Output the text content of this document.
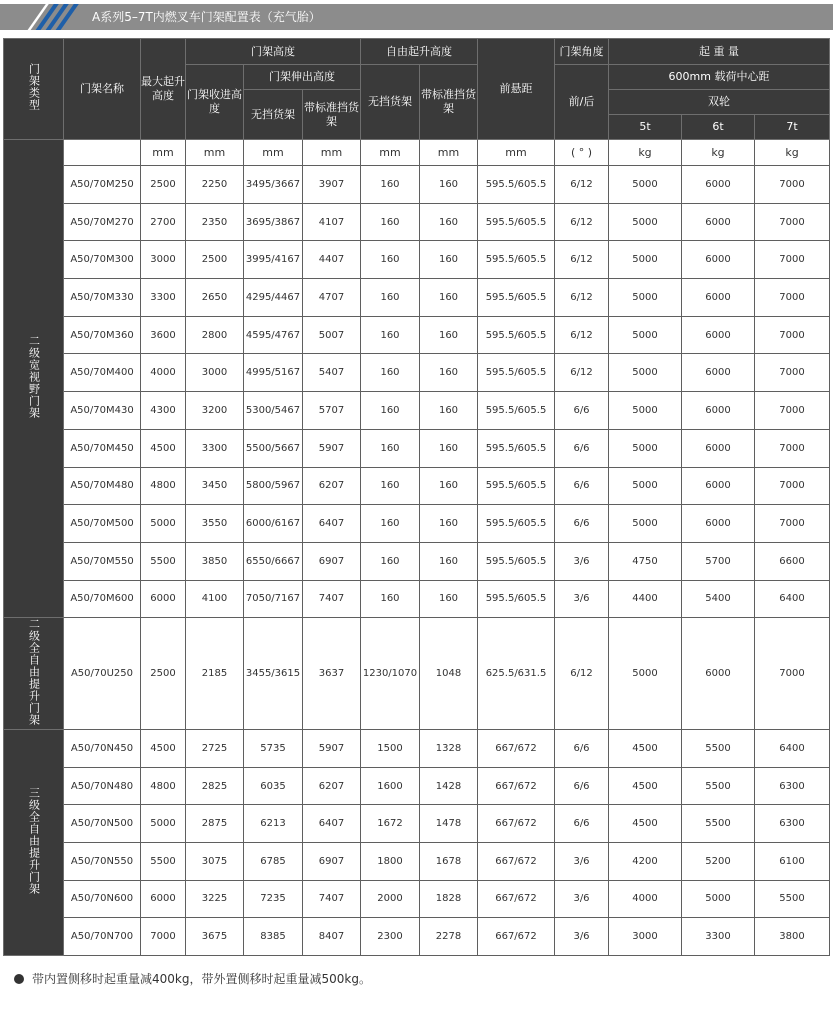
A系列5–7T内燃叉车门架配置表（充气胎）
门架类型	门架名称	最大起升高度	门架高度			自由起升高度		前悬距	门架角度	起 重 量		
			门架收进高度	门架伸出高度		无挡货架	带标准挡货架		前/后	600mm 载荷中心距		
				无挡货架	带标准挡货架					双轮		
										5t	6t	7t
二级宽视野门架		mm	mm	mm	mm	mm	mm	mm	( ° )	kg	kg	kg
	A50/70M250	2500	2250	3495/3667	3907	160	160	595.5/605.5	6/12	5000	6000	7000
	A50/70M270	2700	2350	3695/3867	4107	160	160	595.5/605.5	6/12	5000	6000	7000
	A50/70M300	3000	2500	3995/4167	4407	160	160	595.5/605.5	6/12	5000	6000	7000
	A50/70M330	3300	2650	4295/4467	4707	160	160	595.5/605.5	6/12	5000	6000	7000
	A50/70M360	3600	2800	4595/4767	5007	160	160	595.5/605.5	6/12	5000	6000	7000
	A50/70M400	4000	3000	4995/5167	5407	160	160	595.5/605.5	6/12	5000	6000	7000
	A50/70M430	4300	3200	5300/5467	5707	160	160	595.5/605.5	6/6	5000	6000	7000
	A50/70M450	4500	3300	5500/5667	5907	160	160	595.5/605.5	6/6	5000	6000	7000
	A50/70M480	4800	3450	5800/5967	6207	160	160	595.5/605.5	6/6	5000	6000	7000
	A50/70M500	5000	3550	6000/6167	6407	160	160	595.5/605.5	6/6	5000	6000	7000
	A50/70M550	5500	3850	6550/6667	6907	160	160	595.5/605.5	3/6	4750	5700	6600
	A50/70M600	6000	4100	7050/7167	7407	160	160	595.5/605.5	3/6	4400	5400	6400
二级全自由提升门架	A50/70U250	2500	2185	3455/3615	3637	1230/1070	1048	625.5/631.5	6/12	5000	6000	7000
三级全自由提升门架	A50/70N450	4500	2725	5735	5907	1500	1328	667/672	6/6	4500	5500	6400
	A50/70N480	4800	2825	6035	6207	1600	1428	667/672	6/6	4500	5500	6300
	A50/70N500	5000	2875	6213	6407	1672	1478	667/672	6/6	4500	5500	6300
	A50/70N550	5500	3075	6785	6907	1800	1678	667/672	3/6	4200	5200	6100
	A50/70N600	6000	3225	7235	7407	2000	1828	667/672	3/6	4000	5000	5500
	A50/70N700	7000	3675	8385	8407	2300	2278	667/672	3/6	3000	3300	3800
带内置侧移时起重量减400kg，带外置侧移时起重量减500kg。
